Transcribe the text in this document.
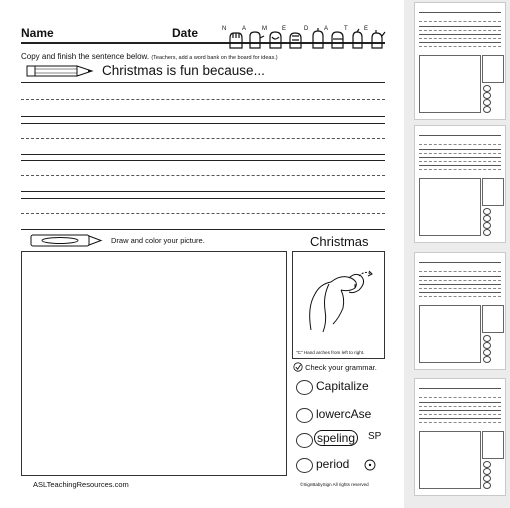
Name	Date	N	A	M	E	D	A	T	E
Copy and finish the sentence below. (Teachers, add a word bank on the board for ideas.)
Christmas is fun because...
Draw and color your picture.	Christmas
"C" Hand arches from left to right.
Check your grammar.
Capitalize
lowercAse
speling	SP
period
ASLTeachingResources.com	©SignBabySign All rights reserved
